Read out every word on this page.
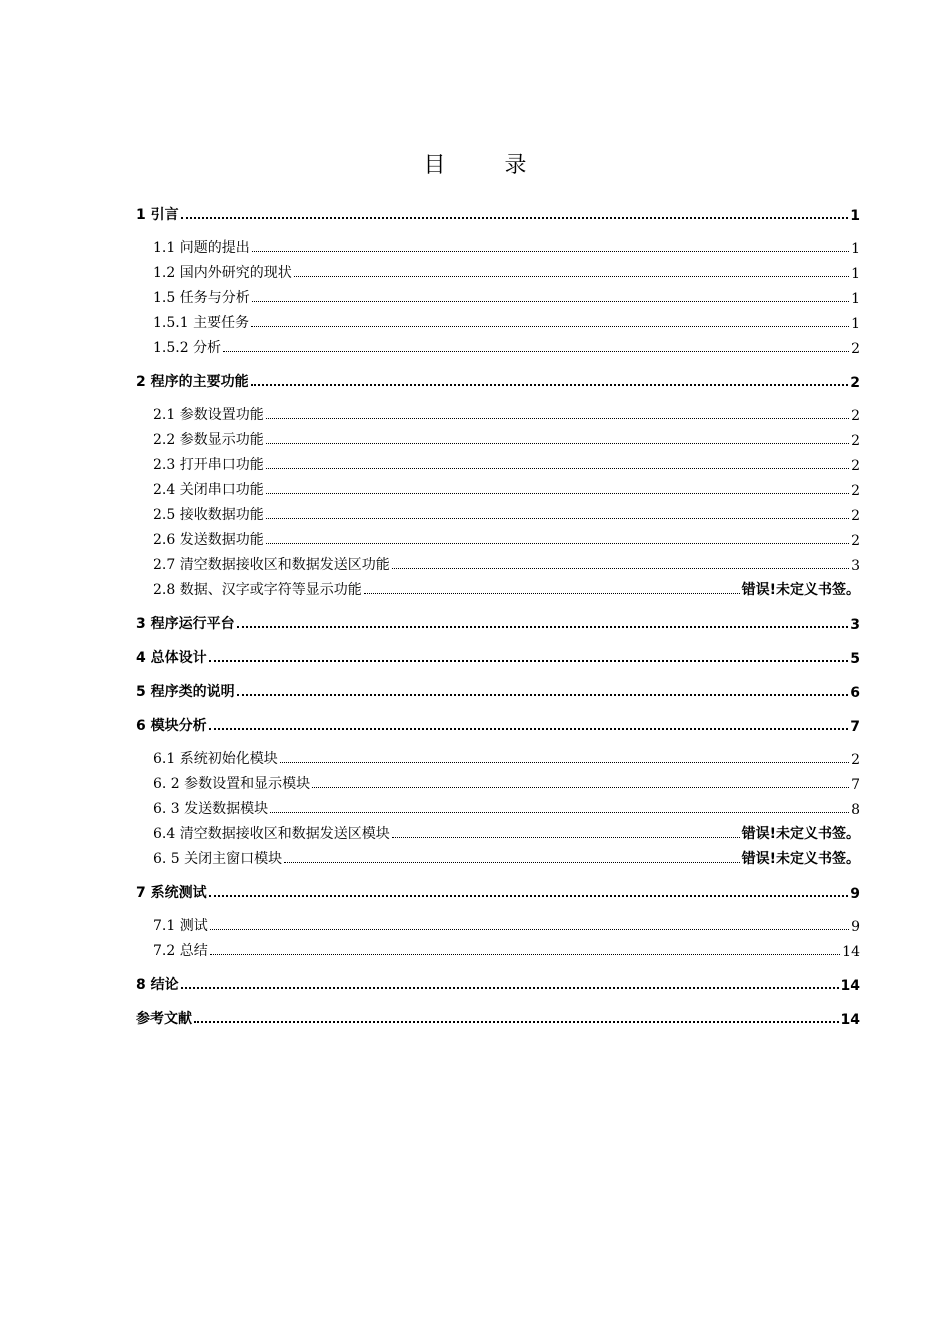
目 录
1 引言	1
1.1 问题的提出	1
1.2 国内外研究的现状	1
1.5 任务与分析	1
1.5.1 主要任务	1
1.5.2 分析	2
2 程序的主要功能	2
2.1 参数设置功能	2
2.2 参数显示功能	2
2.3 打开串口功能	2
2.4 关闭串口功能	2
2.5 接收数据功能	2
2.6 发送数据功能	2
2.7 清空数据接收区和数据发送区功能	3
2.8 数据、汉字或字符等显示功能	错误!未定义书签。
3 程序运行平台	3
4 总体设计	5
5 程序类的说明	6
6 模块分析	7
6.1 系统初始化模块	2
6. 2 参数设置和显示模块	7
6. 3 发送数据模块	8
6.4 清空数据接收区和数据发送区模块	错误!未定义书签。
6. 5 关闭主窗口模块	错误!未定义书签。
7 系统测试	9
7.1 测试	9
7.2 总结	14
8 结论	14
参考文献	14
